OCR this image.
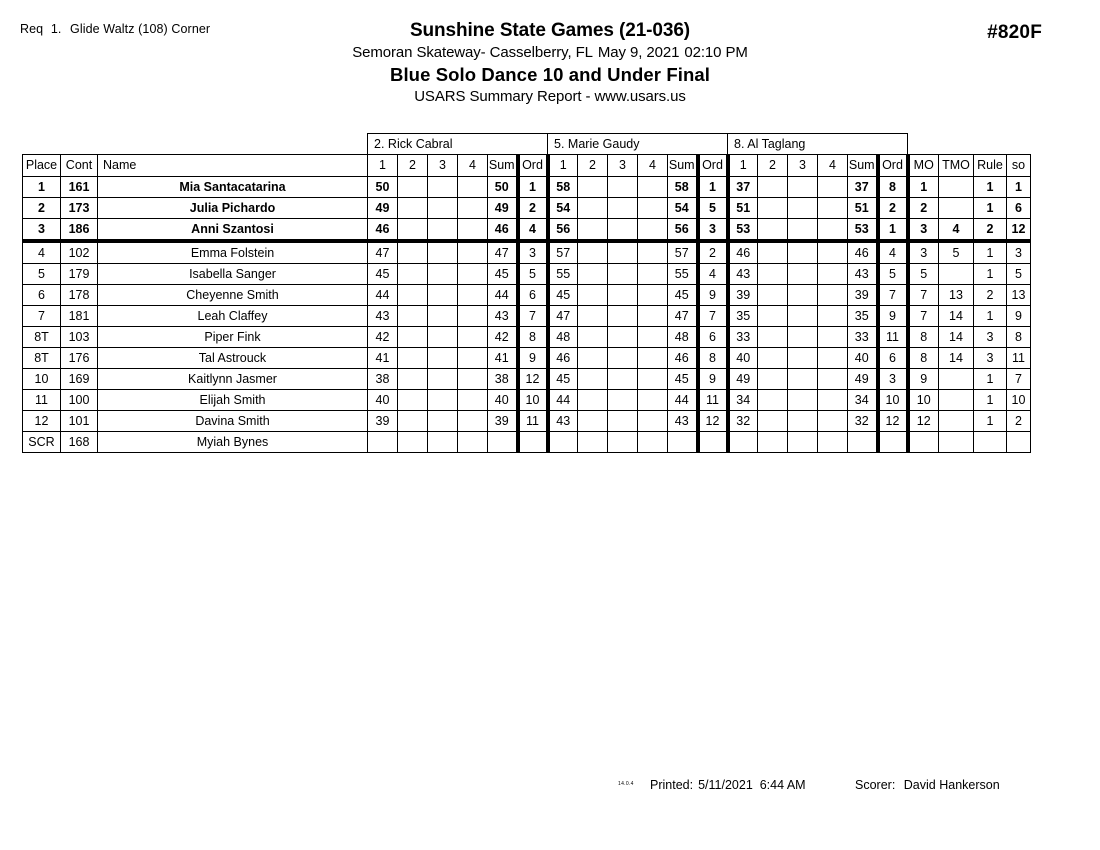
Req 1. Glide Waltz (108) Corner	#820F
Sunshine State Games (21-036)
Semoran Skateway- Casselberry, FL May 9, 2021 02:10 PM
Blue Solo Dance 10 and Under Final
USARS Summary Report - www.usars.us
			2. Rick Cabral						5. Marie Gaudy						8. Al Taglang									
Place	Cont	Name	1	2	3	4	Sum	Ord	1	2	3	4	Sum	Ord	1	2	3	4	Sum	Ord	MO	TMO	Rule	so
1	161	Mia Santacatarina	50				50	1	58				58	1	37				37	8	1		1	1
2	173	Julia Pichardo	49				49	2	54				54	5	51				51	2	2		1	6
3	186	Anni Szantosi	46				46	4	56				56	3	53				53	1	3	4	2	12
4	102	Emma Folstein	47				47	3	57				57	2	46				46	4	3	5	1	3
5	179	Isabella Sanger	45				45	5	55				55	4	43				43	5	5		1	5
6	178	Cheyenne Smith	44				44	6	45				45	9	39				39	7	7	13	2	13
7	181	Leah Claffey	43				43	7	47				47	7	35				35	9	7	14	1	9
8T	103	Piper Fink	42				42	8	48				48	6	33				33	11	8	14	3	8
8T	176	Tal Astrouck	41				41	9	46				46	8	40				40	6	8	14	3	11
10	169	Kaitlynn Jasmer	38				38	12	45				45	9	49				49	3	9		1	7
11	100	Elijah Smith	40				40	10	44				44	11	34				34	10	10		1	10
12	101	Davina Smith	39				39	11	43				43	12	32				32	12	12		1	2
SCR	168	Myiah Bynes																						
14.0.4 Printed: 5/11/2021 6:44 AM	Scorer: David Hankerson
